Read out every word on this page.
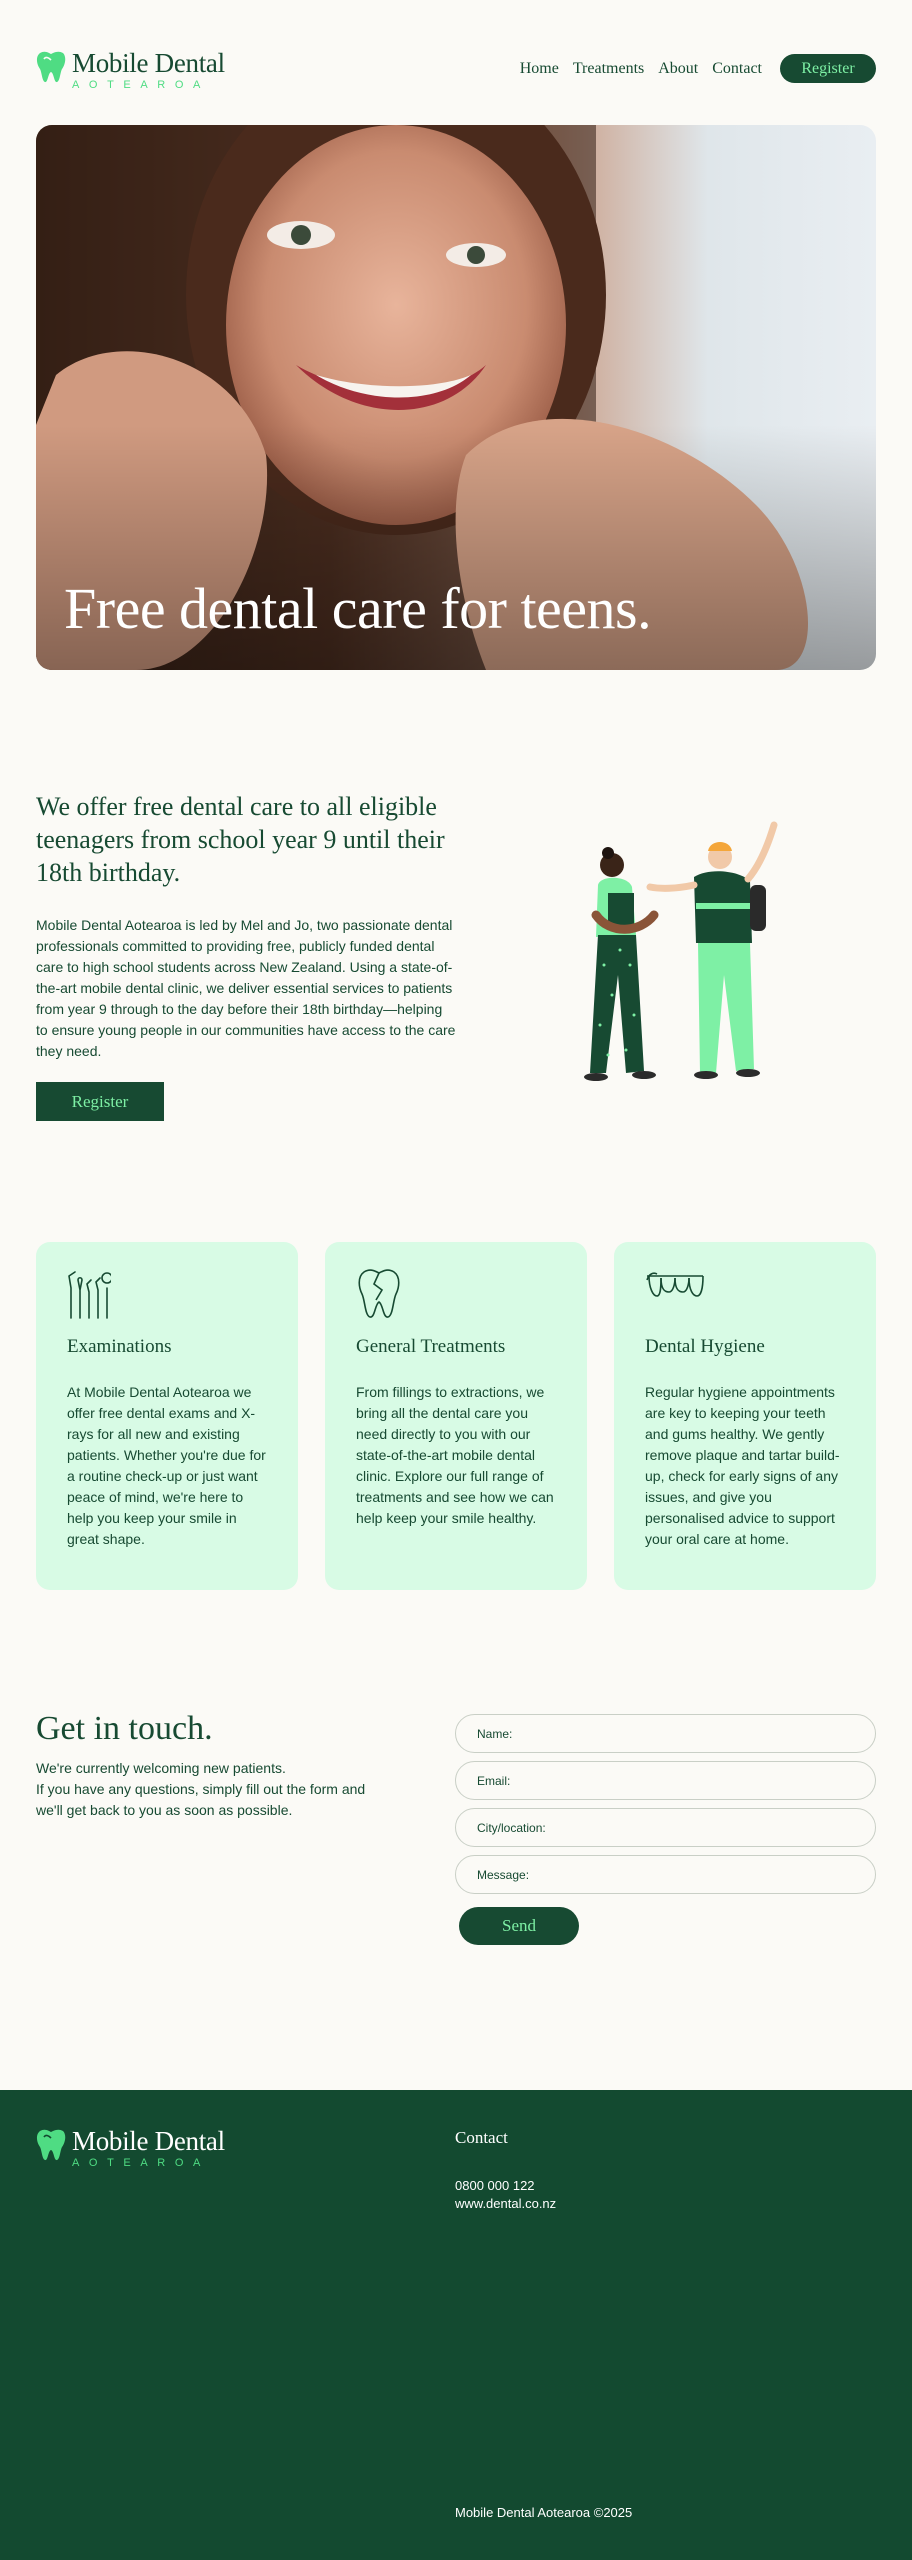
Mobile Dental
AOTEAROA
Home Treatments About Contact	Register
Free dental care for teens.
We offer free dental care to all eligible teenagers from school year 9 until their 18th birthday.

Mobile Dental Aotearoa is led by Mel and Jo, two passionate dental professionals committed to providing free, publicly funded dental care to high school students across New Zealand. Using a state-of-the-art mobile dental clinic, we deliver essential services to patients from year 9 through to the day before their 18th birthday—helping to ensure young people in our communities have access to the care they need.

Register
Examinations

At Mobile Dental Aotearoa we offer free dental exams and X-rays for all new and existing patients. Whether you're due for a routine check-up or just want peace of mind, we're here to help you keep your smile in great shape.

General Treatments

From fillings to extractions, we bring all the dental care you need directly to you with our state-of-the-art mobile dental clinic. Explore our full range of treatments and see how we can help keep your smile healthy.

Dental Hygiene

Regular hygiene appointments are key to keeping your teeth and gums healthy. We gently remove plaque and tartar build-up, check for early signs of any issues, and give you personalised advice to support your oral care at home.

Get in touch.

We're currently welcoming new patients.
If you have any questions, simply fill out the form and we'll get back to you as soon as possible.

Name:
Email:
City/location:
Message:
Send
Mobile Dental
AOTEAROA
Contact
0800 000 122
www.dental.co.nz
Mobile Dental Aotearoa ©2025
